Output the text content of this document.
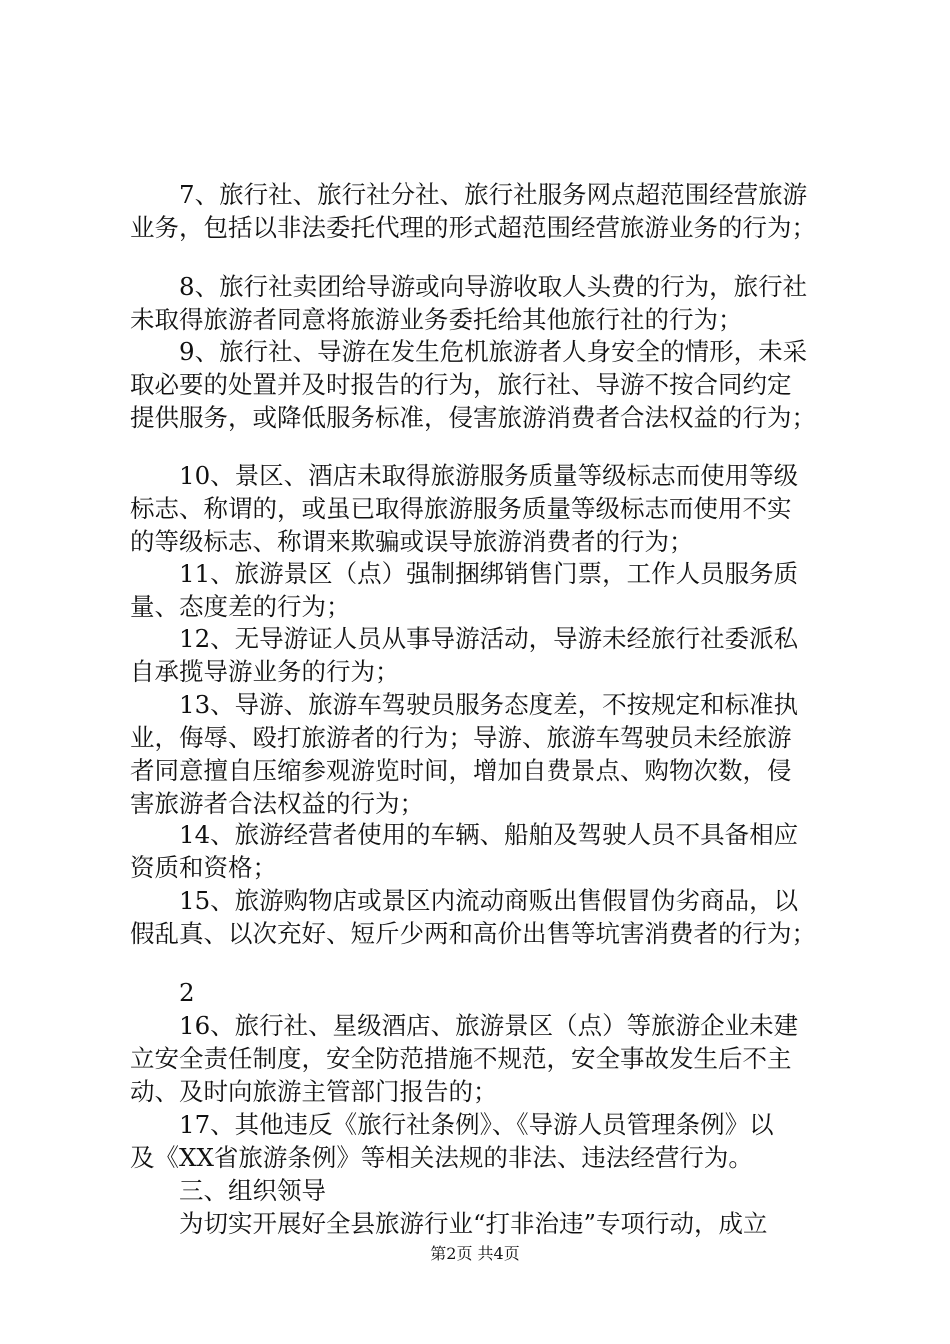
　　7、旅行社、旅行社分社、旅行社服务网点超范围经营旅游
业务，包括以非法委托代理的形式超范围经营旅游业务的行为；
　　8、旅行社卖团给导游或向导游收取人头费的行为，旅行社
未取得旅游者同意将旅游业务委托给其他旅行社的行为；
　　9、旅行社、导游在发生危机旅游者人身安全的情形，未采
取必要的处置并及时报告的行为，旅行社、导游不按合同约定
提供服务，或降低服务标准，侵害旅游消费者合法权益的行为；
　　10、景区、酒店未取得旅游服务质量等级标志而使用等级
标志、称谓的，或虽已取得旅游服务质量等级标志而使用不实
的等级标志、称谓来欺骗或误导旅游消费者的行为；
　　11、旅游景区（点）强制捆绑销售门票，工作人员服务质
量、态度差的行为；
　　12、无导游证人员从事导游活动，导游未经旅行社委派私
自承揽导游业务的行为；
　　13、导游、旅游车驾驶员服务态度差，不按规定和标准执
业，侮辱、殴打旅游者的行为；导游、旅游车驾驶员未经旅游
者同意擅自压缩参观游览时间，增加自费景点、购物次数，侵
害旅游者合法权益的行为；
　　14、旅游经营者使用的车辆、船舶及驾驶人员不具备相应
资质和资格；
　　15、旅游购物店或景区内流动商贩出售假冒伪劣商品，以
假乱真、以次充好、短斤少两和高价出售等坑害消费者的行为；
　　2
　　16、旅行社、星级酒店、旅游景区（点）等旅游企业未建
立安全责任制度，安全防范措施不规范，安全事故发生后不主
动、及时向旅游主管部门报告的；
　　17、其他违反《旅行社条例》、《导游人员管理条例》以
及《XX省旅游条例》等相关法规的非法、违法经营行为。
　　三、组织领导
　　为切实开展好全县旅游行业“打非治违”专项行动，成立
第2页 共4页
